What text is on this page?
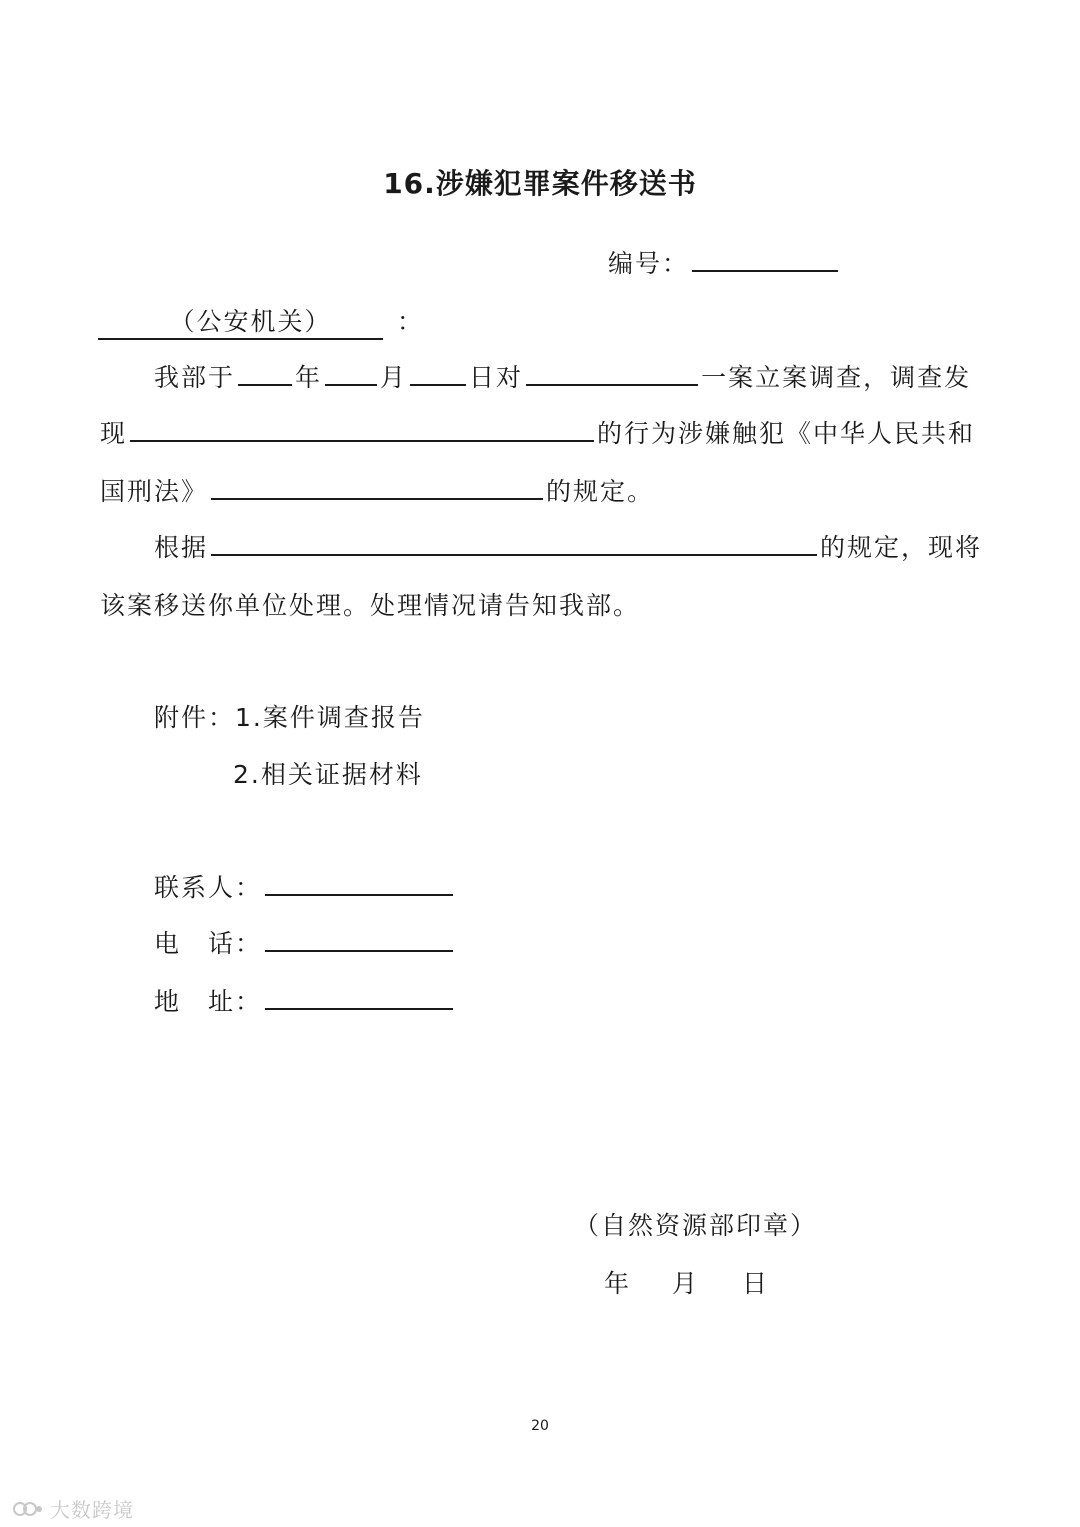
16.涉嫌犯罪案件移送书
编号：
（公安机关）	：
我部于 年 月 日对	一案立案调查，调查发
现	的行为涉嫌触犯《中华人民共和
国刑法》	的规定。
根据	的规定，现将
该案移送你单位处理。处理情况请告知我部。
附件：1.案件调查报告
2.相关证据材料
联系人：
电　话：
地　址：
（自然资源部印章）
年 月 日
20
大数跨境
